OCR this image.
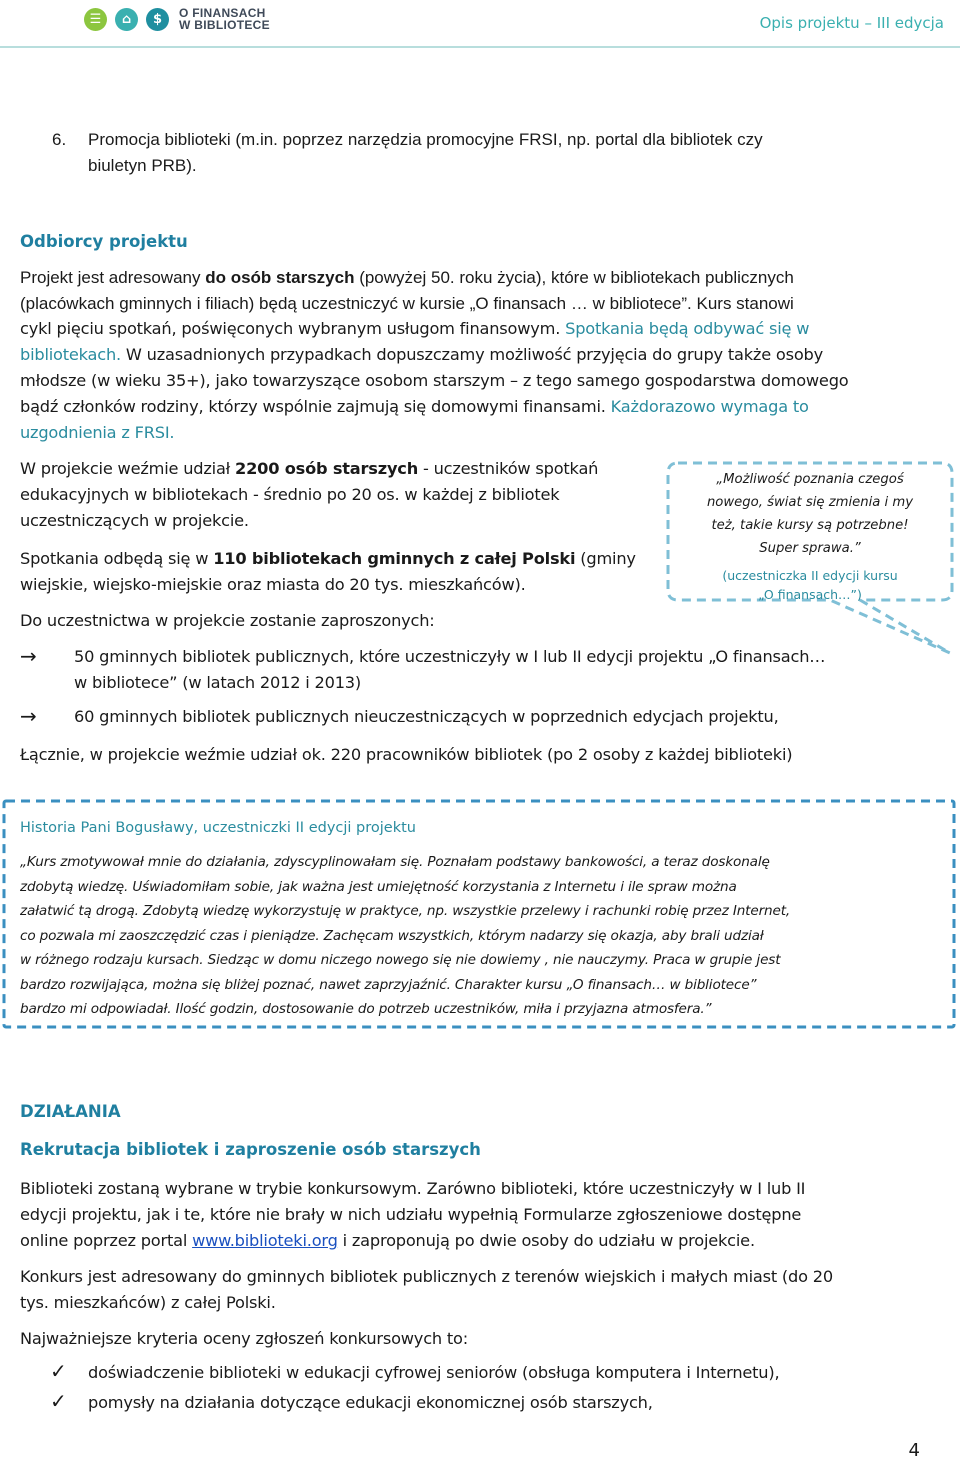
☰	⌂	$	O FINANSACH
W BIBLIOTECE	Opis projektu – III edycja
6. Promocja biblioteki (m.in. poprzez narzędzia promocyjne FRSI, np. portal dla bibliotek czy
biuletyn PRB).
Odbiorcy projektu
Projekt jest adresowany do osób starszych (powyżej 50. roku życia), które w bibliotekach publicznych
(placówkach gminnych i filiach) będą uczestniczyć w kursie „O finansach … w bibliotece”. Kurs stanowi
cykl pięciu spotkań, poświęconych wybranym usługom finansowym. Spotkania będą odbywać się w
bibliotekach. W uzasadnionych przypadkach dopuszczamy możliwość przyjęcia do grupy także osoby
młodsze (w wieku 35+), jako towarzyszące osobom starszym – z tego samego gospodarstwa domowego
bądź członków rodziny, którzy wspólnie zajmują się domowymi finansami. Każdorazowo wymaga to
uzgodnienia z FRSI.
W projekcie weźmie udział 2200 osób starszych - uczestników spotkań
edukacyjnych w bibliotekach - średnio po 20 os. w każdej z bibliotek
uczestniczących w projekcie.
Spotkania odbędą się w 110 bibliotekach gminnych z całej Polski (gminy
wiejskie, wiejsko-miejskie oraz miasta do 20 tys. mieszkańców).
Do uczestnictwa w projekcie zostanie zaproszonych:
→ 50 gminnych bibliotek publicznych, które uczestniczyły w I lub II edycji projektu „O finansach…
w bibliotece” (w latach 2012 i 2013)
→ 60 gminnych bibliotek publicznych nieuczestniczących w poprzednich edycjach projektu,
Łącznie, w projekcie weźmie udział ok. 220 pracowników bibliotek (po 2 osoby z każdej biblioteki)
„Możliwość poznania czegoś
nowego, świat się zmienia i my
też, takie kursy są potrzebne!
Super sprawa.”
(uczestniczka II edycji kursu
„O finansach…”)
Historia Pani Bogusławy, uczestniczki II edycji projektu
„Kurs zmotywował mnie do działania, zdyscyplinowałam się. Poznałam podstawy bankowości, a teraz doskonalę
zdobytą wiedzę. Uświadomiłam sobie, jak ważna jest umiejętność korzystania z Internetu i ile spraw można
załatwić tą drogą. Zdobytą wiedzę wykorzystuję w praktyce, np. wszystkie przelewy i rachunki robię przez Internet,
co pozwala mi zaoszczędzić czas i pieniądze. Zachęcam wszystkich, którym nadarzy się okazja, aby brali udział
w różnego rodzaju kursach. Siedząc w domu niczego nowego się nie dowiemy , nie nauczymy. Praca w grupie jest
bardzo rozwijająca, można się bliżej poznać, nawet zaprzyjaźnić. Charakter kursu „O finansach… w bibliotece”
bardzo mi odpowiadał. Ilość godzin, dostosowanie do potrzeb uczestników, miła i przyjazna atmosfera.”
DZIAŁANIA
Rekrutacja bibliotek i zaproszenie osób starszych
Biblioteki zostaną wybrane w trybie konkursowym. Zarówno biblioteki, które uczestniczyły w I lub II
edycji projektu, jak i te, które nie brały w nich udziału wypełnią Formularze zgłoszeniowe dostępne
online poprzez portal www.biblioteki.org i zaproponują po dwie osoby do udziału w projekcie.
Konkurs jest adresowany do gminnych bibliotek publicznych z terenów wiejskich i małych miast (do 20
tys. mieszkańców) z całej Polski.
Najważniejsze kryteria oceny zgłoszeń konkursowych to:
✓ doświadczenie biblioteki w edukacji cyfrowej seniorów (obsługa komputera i Internetu),
✓ pomysły na działania dotyczące edukacji ekonomicznej osób starszych,
4
